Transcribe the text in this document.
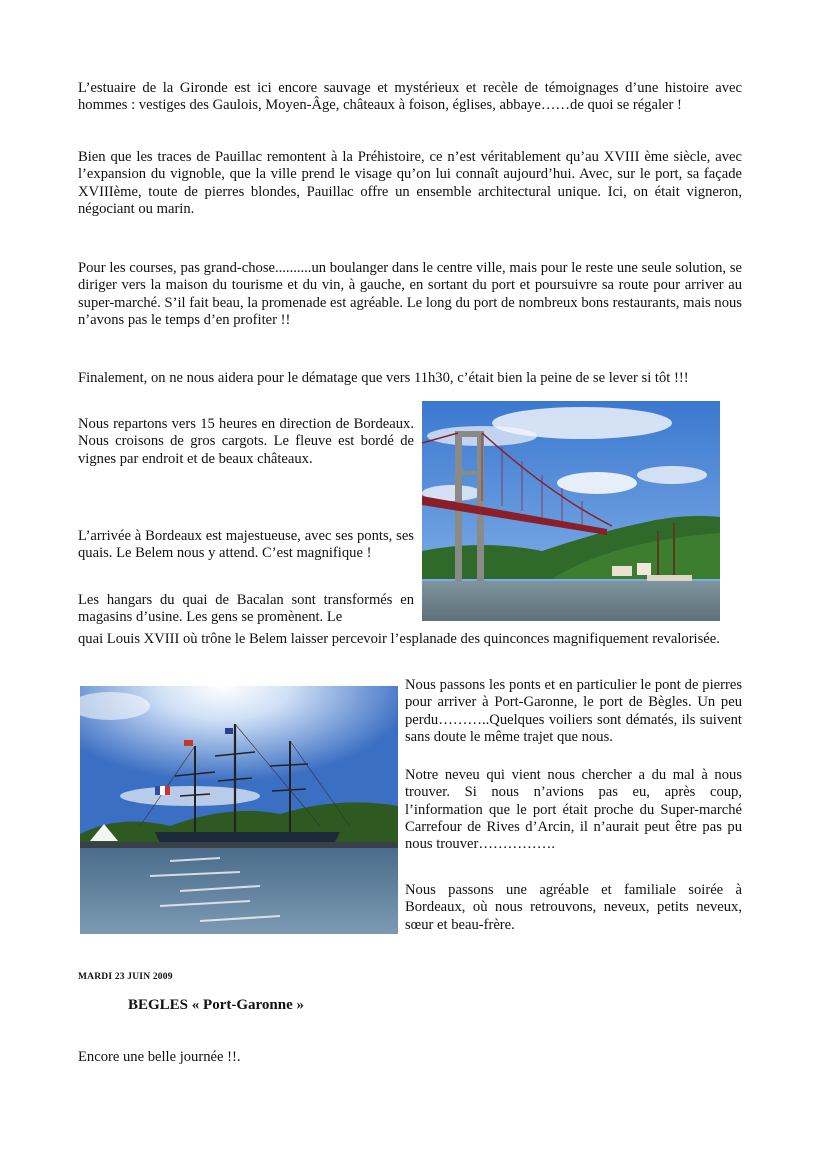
L’estuaire de la Gironde est ici encore sauvage et mystérieux et recèle de témoignages d’une histoire avec hommes : vestiges des Gaulois, Moyen-Âge, châteaux à foison, églises, abbaye……de quoi se régaler !

Bien que les traces de Pauillac remontent à la Préhistoire, ce n’est véritablement qu’au XVIII ème siècle, avec l’expansion du vignoble, que la ville prend le visage qu’on lui connaît aujourd’hui. Avec, sur le port, sa façade XVIIIème, toute de pierres blondes, Pauillac offre un ensemble architectural unique. Ici, on était vigneron, négociant ou marin.

Pour les courses, pas grand-chose..........un boulanger dans le centre ville, mais pour le reste une seule solution, se diriger vers la maison du tourisme et du vin, à gauche, en sortant du port et poursuivre sa route pour arriver au super-marché. S’il fait beau, la promenade est agréable. Le long du port de nombreux bons restaurants, mais nous n’avons pas le temps d’en profiter !!

Finalement, on ne nous aidera pour le dématage que vers 11h30, c’était bien la peine de se lever si tôt !!!

Nous repartons vers 15 heures en direction de Bordeaux. Nous croisons de gros cargots. Le fleuve est bordé de vignes par endroit et de beaux châteaux.

L’arrivée à Bordeaux est majestueuse, avec ses ponts, ses quais. Le Belem nous y attend. C’est magnifique !

Les hangars du quai de Bacalan sont transformés en magasins d’usine. Les gens se promènent. Le

quai Louis XVIII où trône le Belem laisser percevoir l’esplanade des quinconces magnifiquement revalorisée.

Nous passons les ponts et en particulier le pont de pierres pour arriver à Port-Garonne, le port de Bègles. Un peu perdu………..Quelques voiliers sont dématés, ils suivent sans doute le même trajet que nous.

Notre neveu qui vient nous chercher a du mal à nous trouver. Si nous n’avions pas eu, après coup, l’information que le port était proche du Super-marché Carrefour de Rives d’Arcin, il n’aurait peut être pas pu nous trouver…………….

Nous passons une agréable et familiale soirée à Bordeaux, où nous retrouvons, neveux, petits neveux, sœur et beau-frère.

MARDI 23 JUIN 2009
BEGLES « Port-Garonne »

Encore une belle journée !!.
